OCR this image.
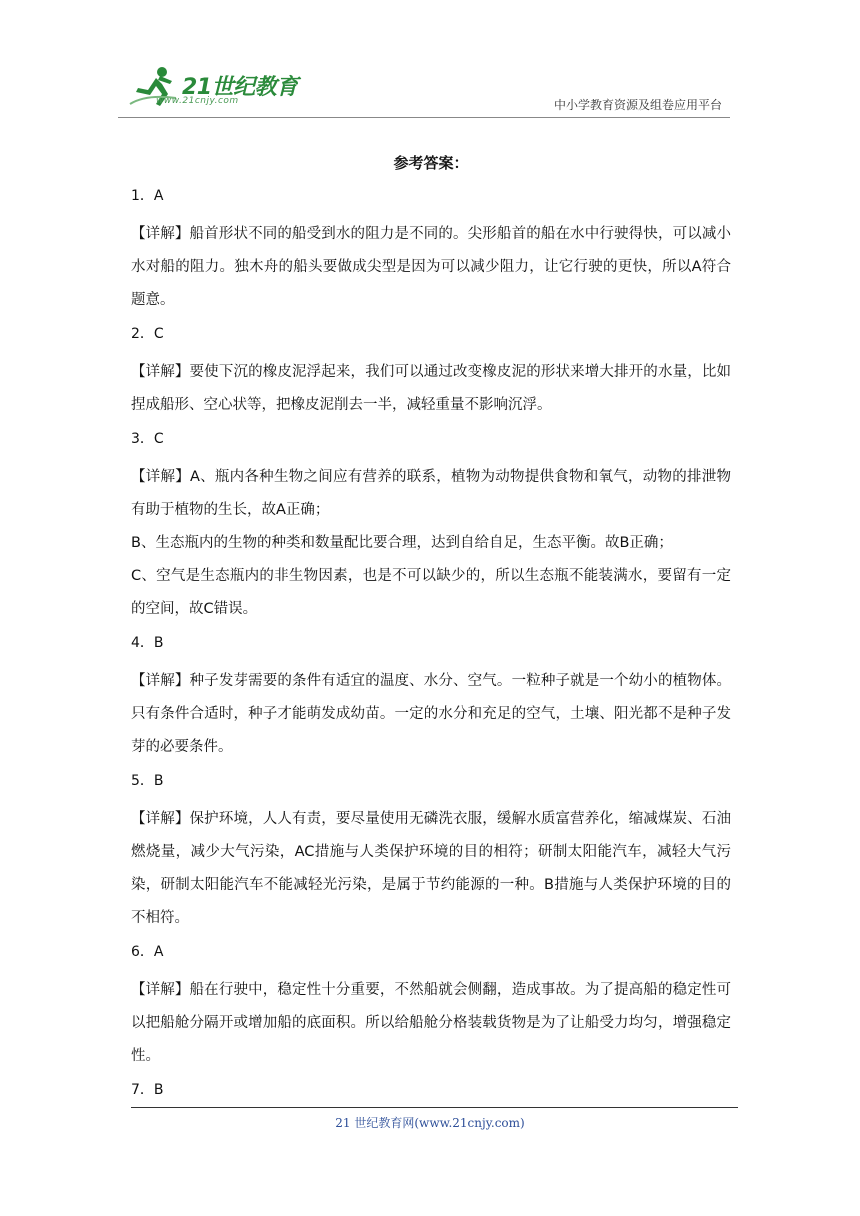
21世纪教育
www.21cnjy.com	中小学教育资源及组卷应用平台
参考答案：
1．A

【详解】船首形状不同的船受到水的阻力是不同的。尖形船首的船在水中行驶得快，可以减小水对船的阻力。独木舟的船头要做成尖型是因为可以减少阻力，让它行驶的更快，所以A符合题意。

2．C

【详解】要使下沉的橡皮泥浮起来，我们可以通过改变橡皮泥的形状来增大排开的水量，比如捏成船形、空心状等，把橡皮泥削去一半，减轻重量不影响沉浮。

3．C

【详解】A、瓶内各种生物之间应有营养的联系，植物为动物提供食物和氧气，动物的排泄物有助于植物的生长，故A正确；

B、生态瓶内的生物的种类和数量配比要合理，达到自给自足，生态平衡。故B正确；

C、空气是生态瓶内的非生物因素，也是不可以缺少的，所以生态瓶不能装满水，要留有一定的空间，故C错误。

4．B

【详解】种子发芽需要的条件有适宜的温度、水分、空气。一粒种子就是一个幼小的植物体。只有条件合适时，种子才能萌发成幼苗。一定的水分和充足的空气，土壤、阳光都不是种子发芽的必要条件。

5．B

【详解】保护环境，人人有责，要尽量使用无磷洗衣服，缓解水质富营养化，缩减煤炭、石油燃烧量，减少大气污染，AC措施与人类保护环境的目的相符；研制太阳能汽车，减轻大气污染，研制太阳能汽车不能减轻光污染，是属于节约能源的一种。B措施与人类保护环境的目的不相符。

6．A

【详解】船在行驶中，稳定性十分重要，不然船就会侧翻，造成事故。为了提高船的稳定性可以把船舱分隔开或增加船的底面积。所以给船舱分格装载货物是为了让船受力均匀，增强稳定性。

7．B
21 世纪教育网(www.21cnjy.com)
